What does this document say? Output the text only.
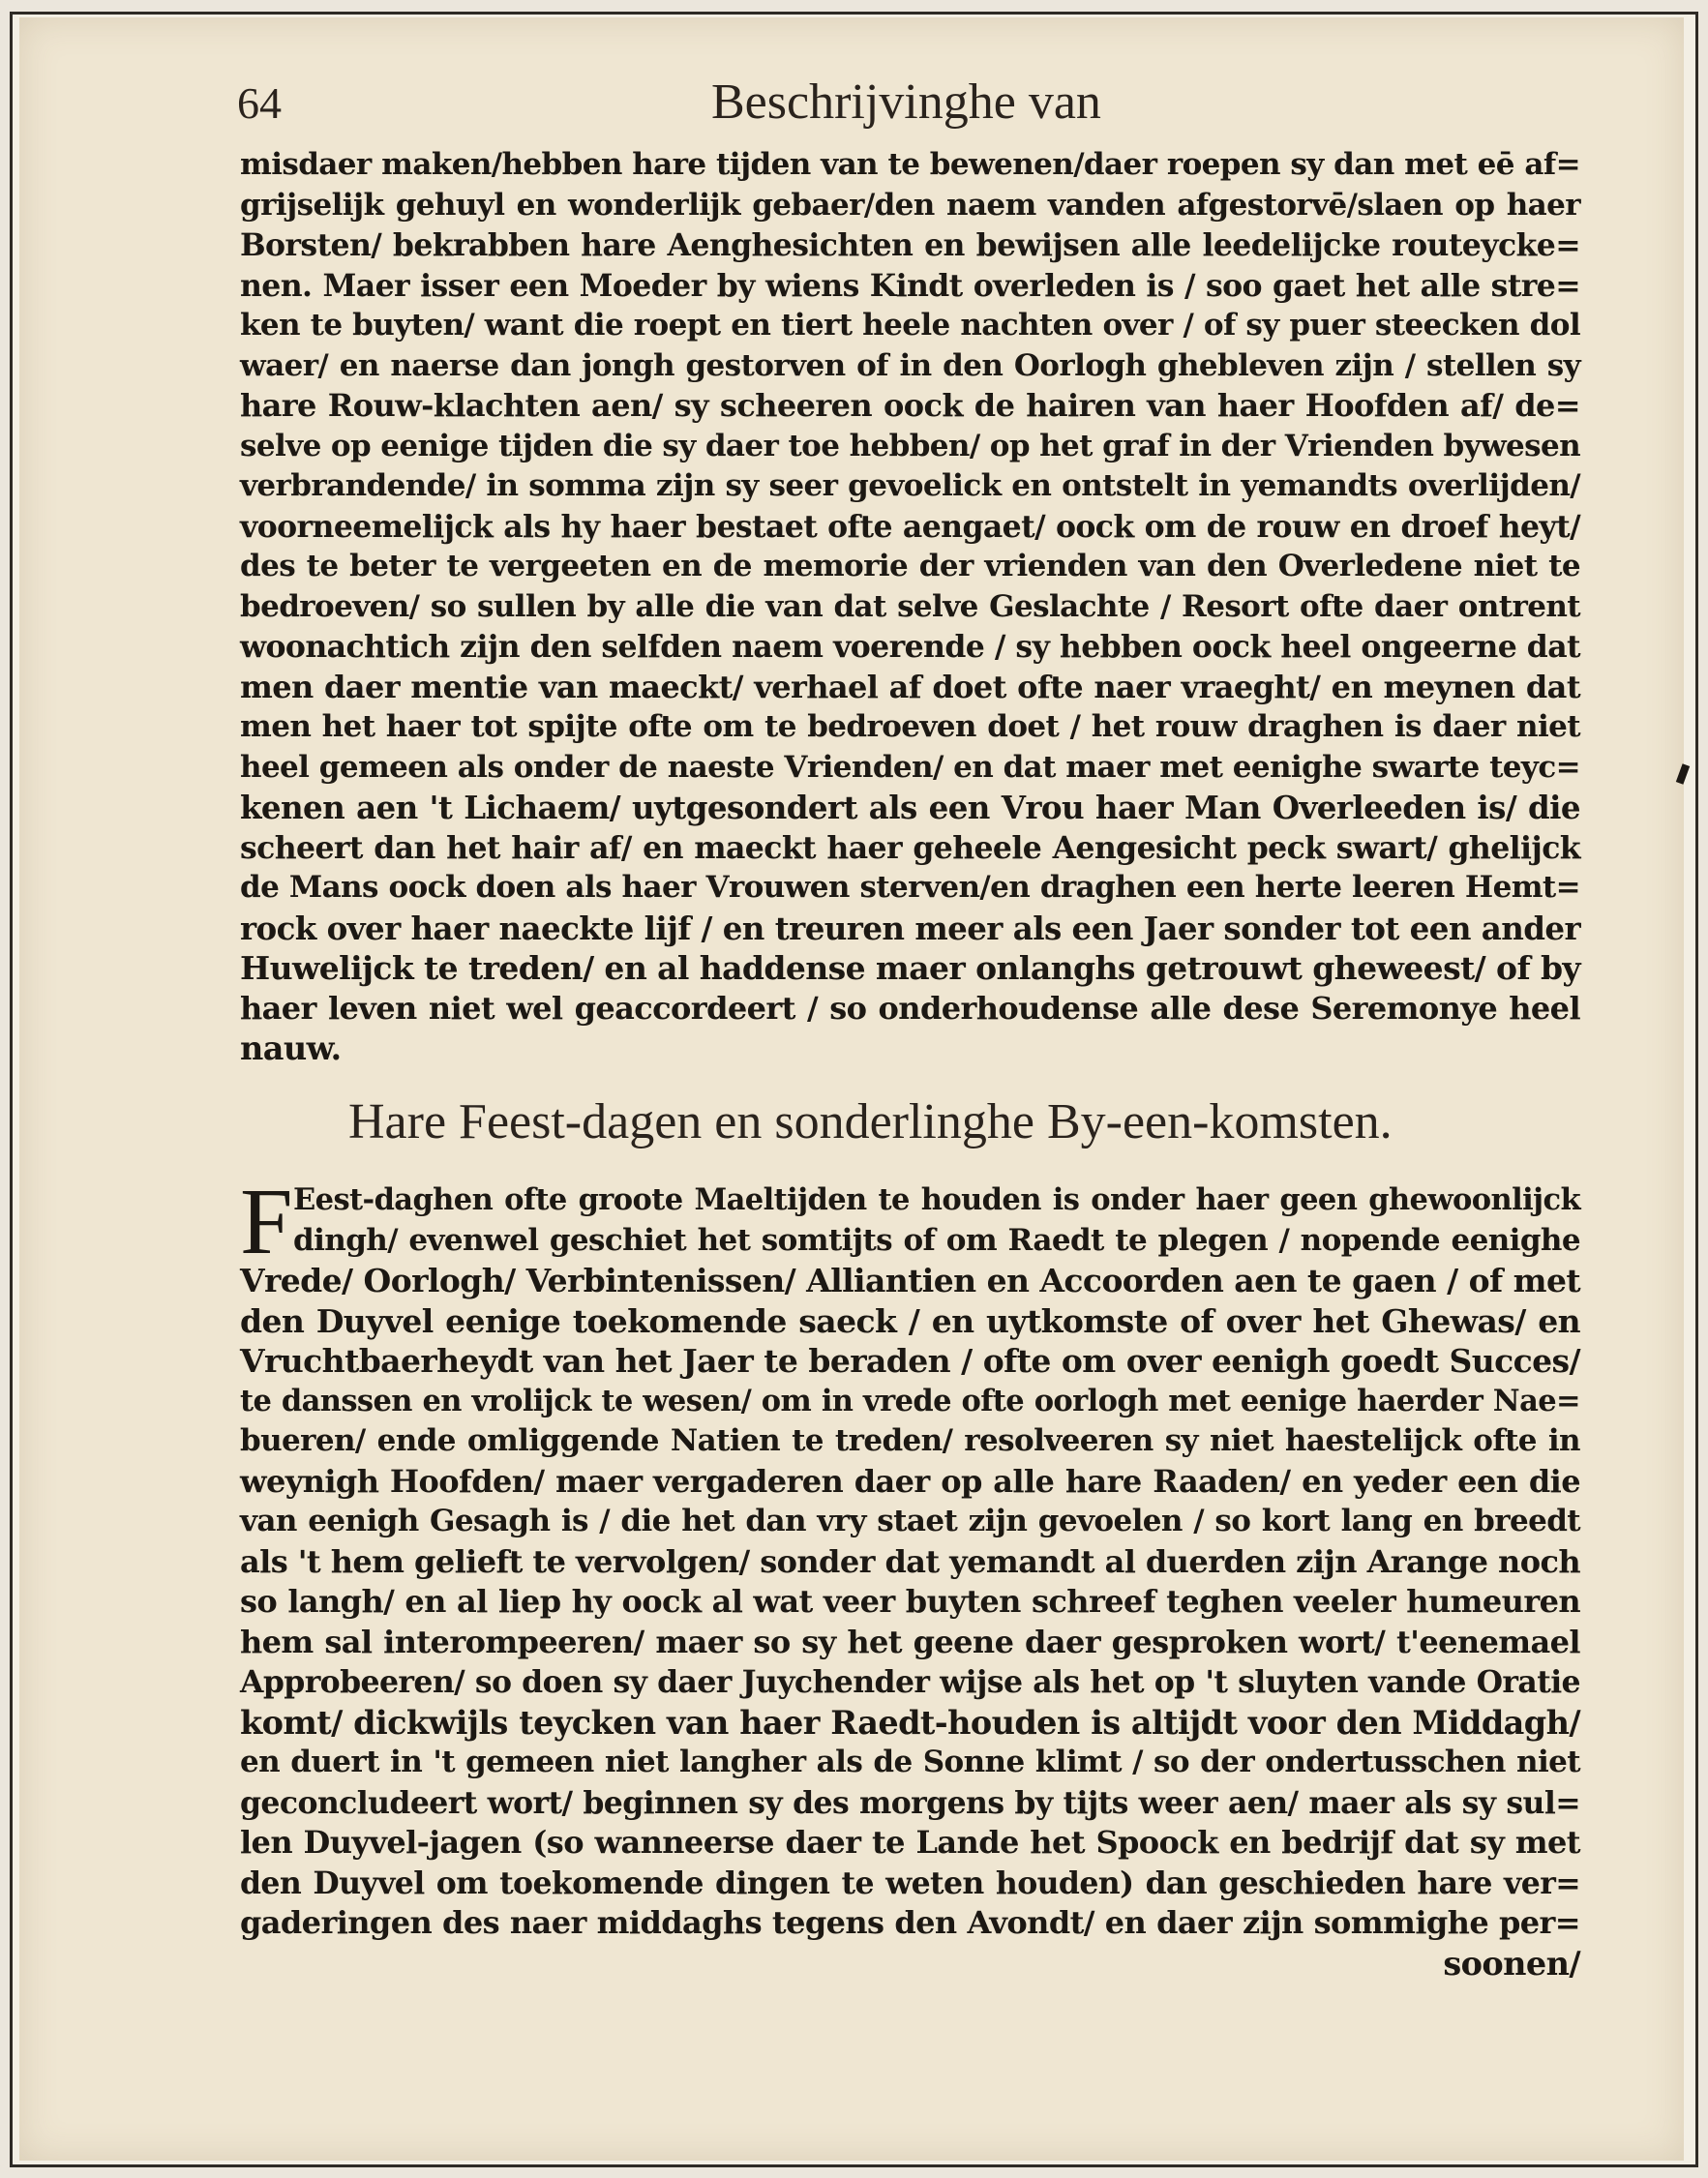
64	Beschrijvinghe van
misdaer maken/hebben hare tijden van te bewenen/daer roepen sy dan met eē af=
grijselijk gehuyl en wonderlijk gebaer/den naem vanden afgestorvē/slaen op haer
Borsten/ bekrabben hare Aenghesichten en bewijsen alle leedelijcke routeycke=
nen. Maer isser een Moeder by wiens Kindt overleden is / soo gaet het alle stre=
ken te buyten/ want die roept en tiert heele nachten over / of sy puer steecken dol
waer/ en naerse dan jongh gestorven of in den Oorlogh ghebleven zijn / stellen sy
hare Rouw-klachten aen/ sy scheeren oock de hairen van haer Hoofden af/ de=
selve op eenige tijden die sy daer toe hebben/ op het graf in der Vrienden bywesen
verbrandende/ in somma zijn sy seer gevoelick en ontstelt in yemandts overlijden/
voorneemelijck als hy haer bestaet ofte aengaet/ oock om de rouw en droef heyt/
des te beter te vergeeten en de memorie der vrienden van den Overledene niet te
bedroeven/ so sullen by alle die van dat selve Geslachte / Resort ofte daer ontrent
woonachtich zijn den selfden naem voerende / sy hebben oock heel ongeerne dat
men daer mentie van maeckt/ verhael af doet ofte naer vraeght/ en meynen dat
men het haer tot spijte ofte om te bedroeven doet / het rouw draghen is daer niet
heel gemeen als onder de naeste Vrienden/ en dat maer met eenighe swarte teyc=
kenen aen 't Lichaem/ uytgesondert als een Vrou haer Man Overleeden is/ die
scheert dan het hair af/ en maeckt haer geheele Aengesicht peck swart/ ghelijck
de Mans oock doen als haer Vrouwen sterven/en draghen een herte leeren Hemt=
rock over haer naeckte lijf / en treuren meer als een Jaer sonder tot een ander
Huwelijck te treden/ en al haddense maer onlanghs getrouwt gheweest/ of by
haer leven niet wel geaccordeert / so onderhoudense alle dese Seremonye heel
nauw.
Hare Feest-dagen en sonderlinghe By-een-komsten.
F Eest-daghen ofte groote Maeltijden te houden is onder haer geen ghewoonlijck
dingh/ evenwel geschiet het somtijts of om Raedt te plegen / nopende eenighe
Vrede/ Oorlogh/ Verbintenissen/ Alliantien en Accoorden aen te gaen / of met
den Duyvel eenige toekomende saeck / en uytkomste of over het Ghewas/ en
Vruchtbaerheydt van het Jaer te beraden / ofte om over eenigh goedt Succes/
te danssen en vrolijck te wesen/ om in vrede ofte oorlogh met eenige haerder Nae=
bueren/ ende omliggende Natien te treden/ resolveeren sy niet haestelijck ofte in
weynigh Hoofden/ maer vergaderen daer op alle hare Raaden/ en yeder een die
van eenigh Gesagh is / die het dan vry staet zijn gevoelen / so kort lang en breedt
als 't hem gelieft te vervolgen/ sonder dat yemandt al duerden zijn Arange noch
so langh/ en al liep hy oock al wat veer buyten schreef teghen veeler humeuren
hem sal interompeeren/ maer so sy het geene daer gesproken wort/ t'eenemael
Approbeeren/ so doen sy daer Juychender wijse als het op 't sluyten vande Oratie
komt/ dickwijls teycken van haer Raedt-houden is altijdt voor den Middagh/
en duert in 't gemeen niet langher als de Sonne klimt / so der ondertusschen niet
geconcludeert wort/ beginnen sy des morgens by tijts weer aen/ maer als sy sul=
len Duyvel-jagen (so wanneerse daer te Lande het Spoock en bedrijf dat sy met
den Duyvel om toekomende dingen te weten houden) dan geschieden hare ver=
gaderingen des naer middaghs tegens den Avondt/ en daer zijn sommighe per=
soonen/
